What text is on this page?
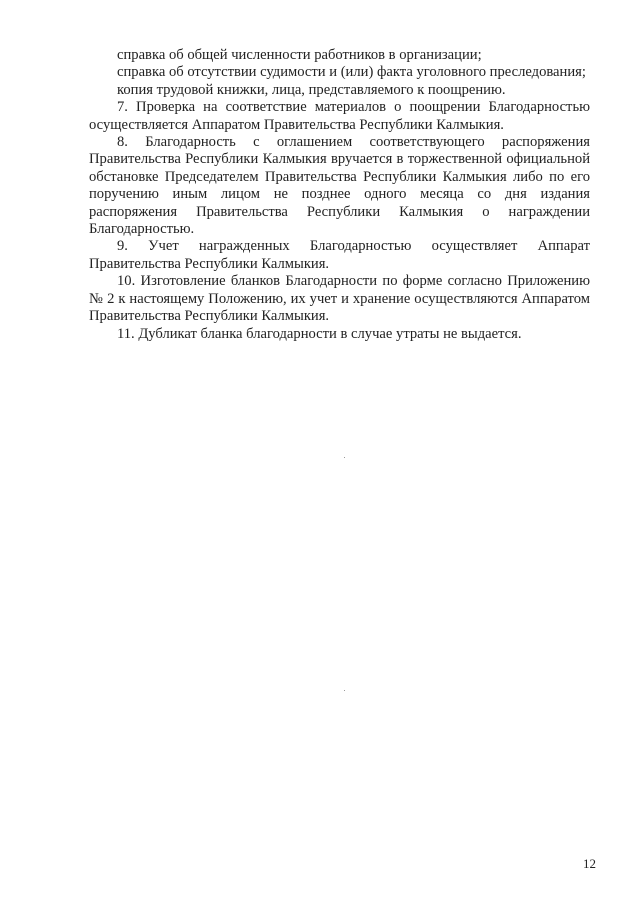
справка об общей численности работников в организации;

справка об отсутствии судимости и (или) факта уголовного преследования;

копия трудовой книжки, лица, представляемого к поощрению.

7. Проверка на соответствие материалов о поощрении Благодарностью осуществляется Аппаратом Правительства Республики Калмыкия.

8. Благодарность с оглашением соответствующего распоряжения Правительства Республики Калмыкия вручается в торжественной официальной обстановке Председателем Правительства Республики Калмыкия либо по его поручению иным лицом не позднее одного месяца со дня издания распоряжения Правительства Республики Калмыкия о награждении Благодарностью.

9. Учет награжденных Благодарностью осуществляет Аппарат Правительства Республики Калмыкия.

10. Изготовление бланков Благодарности по форме согласно Приложению № 2 к настоящему Положению, их учет и хранение осуществляются Аппаратом Правительства Республики Калмыкия.

11. Дубликат бланка благодарности в случае утраты не выдается.

12
